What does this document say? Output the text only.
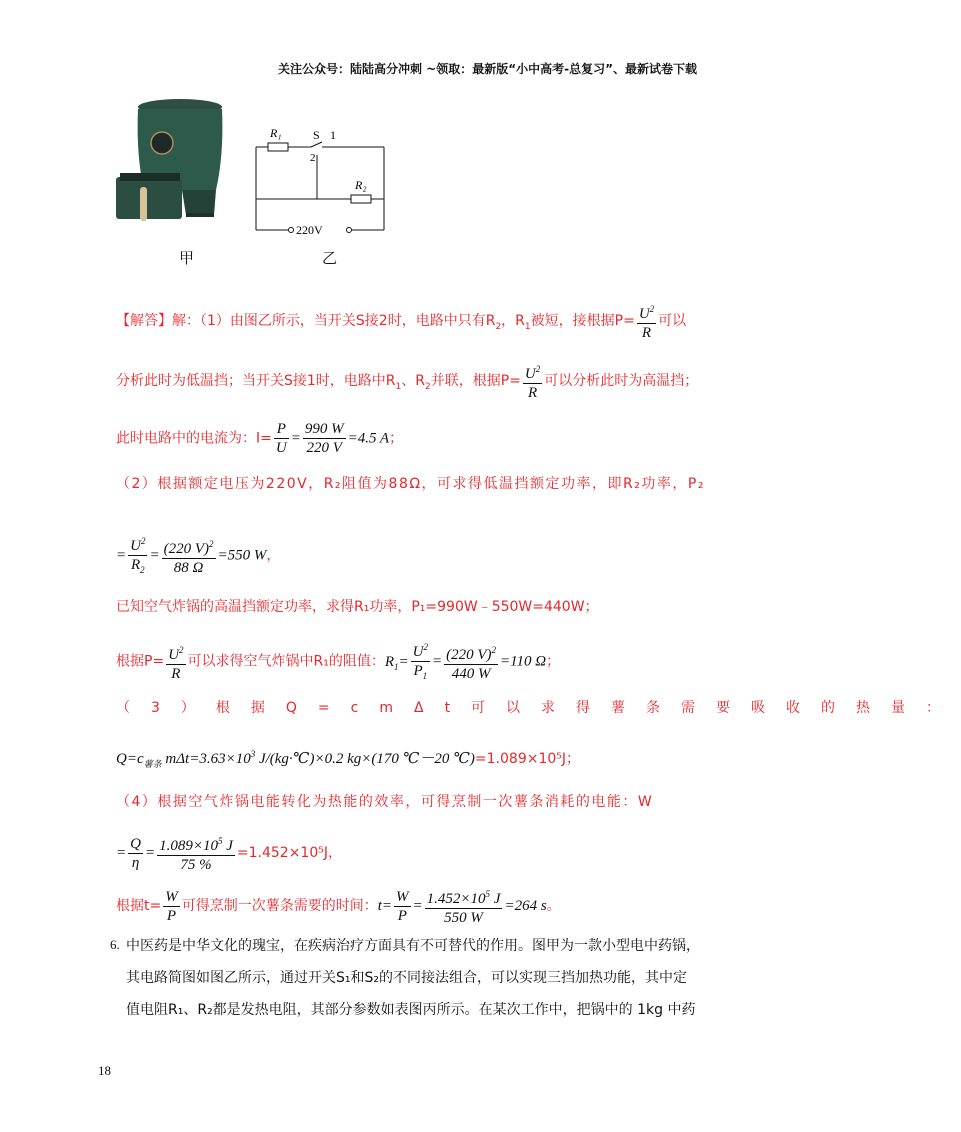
关注公众号：陆陆高分冲刺 ~领取：最新版“小中高考-总复习”、最新试卷下载
R₁	S 1
2
R₂
220V
甲	乙
【解答】解：（1）由图乙所示，当开关S接2时，电路中只有$R_2$，$R_1$被短，接根据$P= \frac{U^2}{R}$ 可以
分析此时为低温挡；当开关S接1时，电路中$R_1$、$R_2$并联，根据$P= \frac{U^2}{R}$ 可以分析此时为高温挡；
此时电路中的电流为：$I= \frac{P}{U} = \frac{990 W}{220 V} =4.5$ A；
（2）根据额定电压为220V，R₂阻值为88Ω，可求得低温挡额定功率，即R₂功率，P₂
= $\frac{U^2}{R_2} = \frac{(220 V)^2}{88 \Omega} =550$ W，
已知空气炸锅的高温挡额定功率，求得R₁功率，P₁=990W﹣550W=440W；
根据$P= \frac{U^2}{R}$ 可以求得空气炸锅中R₁的阻值：$R_1= \frac{U^2}{P_1} = \frac{(220 V)^2}{440 W} =110$ Ω；
（3）根据Q=cmΔt可以求得薯条需要吸收的热量：
$Q=c_{薯条}$ $m\Delta t=3.63\times 10^3$ J/(kg·℃)×0.2 kg×(170 ℃－20 ℃)=1.089×10⁵J；
（4）根据空气炸锅电能转化为热能的效率，可得烹制一次薯条消耗的电能：W
= $\frac{Q}{\eta} = \frac{1.089\times 10^5 J}{75 \%} =1.452\times 10^5J$，
根据$t= \frac{W}{P}$ 可得烹制一次薯条需要的时间：$t= \frac{W}{P} = \frac{1.452\times 10^5 J}{550 W} =264$ s。
6. 中医药是中华文化的瑰宝，在疾病治疗方面具有不可替代的作用。图甲为一款小型电中药锅，
其电路简图如图乙所示，通过开关S₁和S₂的不同接法组合，可以实现三挡加热功能，其中定
值电阻R₁、R₂都是发热电阻，其部分参数如表图丙所示。在某次工作中，把锅中的 1kg 中药
18
